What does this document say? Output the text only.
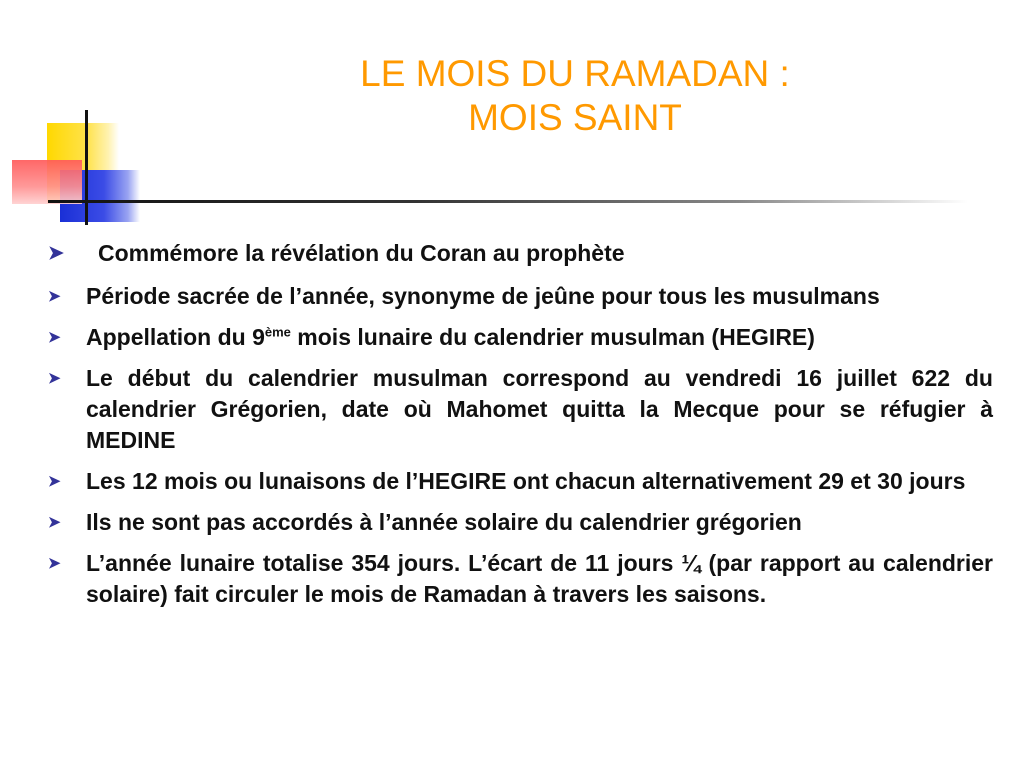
LE MOIS DU RAMADAN :
MOIS SAINT
➤ Commémore la révélation du Coran au prophète
➤	Période sacrée de l’année, synonyme de jeûne pour tous les musulmans
➤	Appellation du 9ème mois lunaire du calendrier musulman (HEGIRE)
➤	Le début du calendrier musulman correspond au vendredi 16 juillet 622 du calendrier Grégorien, date où Mahomet quitta la Mecque pour se réfugier à MEDINE
➤	Les 12 mois ou lunaisons de l’HEGIRE ont chacun alternativement 29 et 30 jours
➤	Ils ne sont pas accordés à l’année solaire du calendrier grégorien
➤	L’année lunaire totalise 354 jours. L’écart de 11 jours ¼ (par rapport au calendrier solaire) fait circuler le mois de Ramadan à travers les saisons.
